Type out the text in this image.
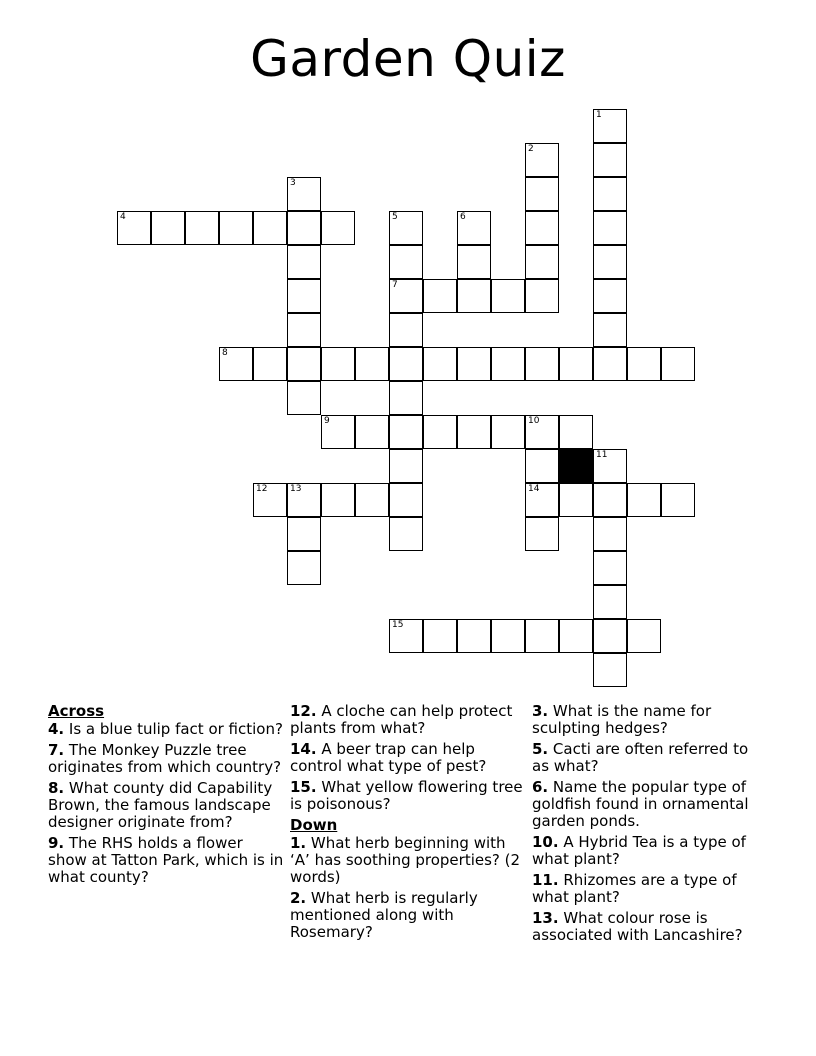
Garden Quiz
1
2
3
4	5	6
7
8
9	10
11
12	13	14
15
Across
4. Is a blue tulip fact or fiction?
7. The Monkey Puzzle tree originates from which country?
8. What county did Capability Brown, the famous landscape designer originate from?
9. The RHS holds a flower show at Tatton Park, which is in what county?
12. A cloche can help protect plants from what?
14. A beer trap can help control what type of pest?
15. What yellow flowering tree is poisonous?
Down
1. What herb beginning with ‘A’ has soothing properties? (2 words)
2. What herb is regularly mentioned along with Rosemary?
3. What is the name for sculpting hedges?
5. Cacti are often referred to as what?
6. Name the popular type of goldfish found in ornamental garden ponds.
10. A Hybrid Tea is a type of what plant?
11. Rhizomes are a type of what plant?
13. What colour rose is associated with Lancashire?
